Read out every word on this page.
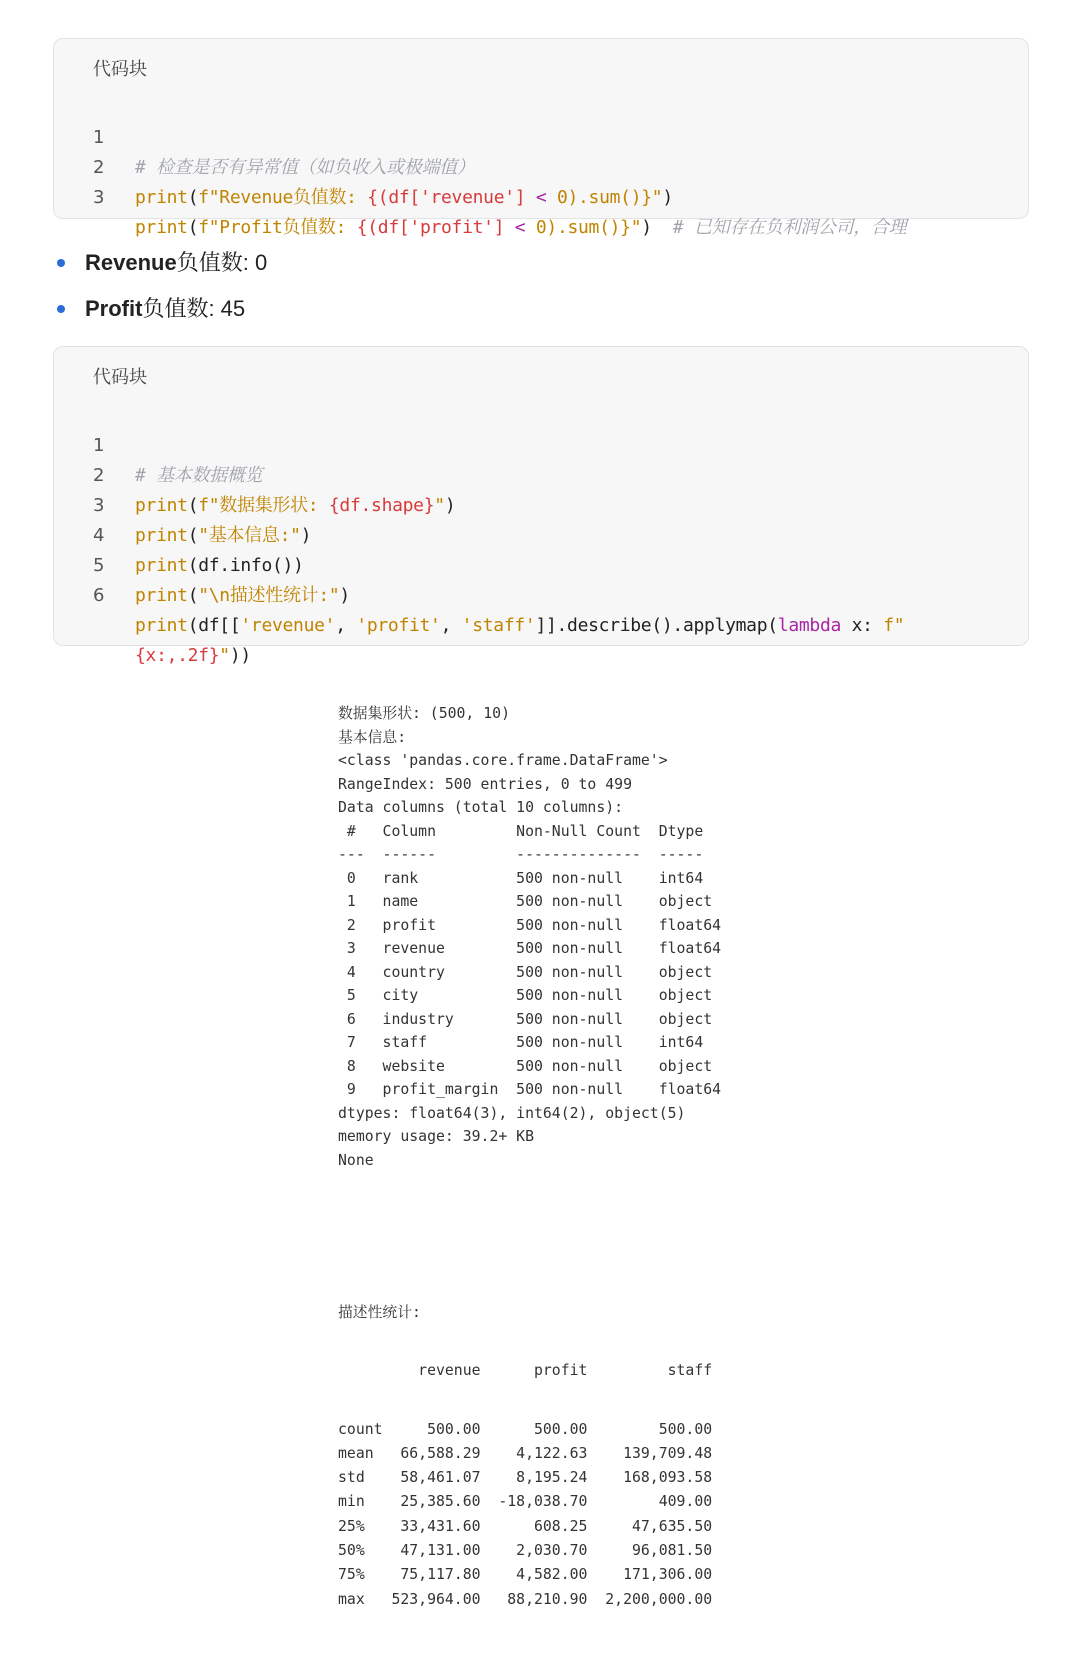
代码块

1

# 检查是否有异常值（如负收入或极端值）

2

print(f"Revenue负值数: {(df['revenue'] < 0).sum()}")

3

print(f"Profit负值数: {(df['profit'] < 0).sum()}")  # 已知存在负利润公司，合理

Revenue负值数: 0
Profit负值数: 45
代码块

1

# 基本数据概览

2

print(f"数据集形状: {df.shape}")

3

print("基本信息:")

4

print(df.info())

5

print("\n描述性统计:")

6

print(df[['revenue', 'profit', 'staff']].describe().applymap(lambda x: f"

{x:,.2f}"))

数据集形状: (500, 10)
基本信息:
<class 'pandas.core.frame.DataFrame'>
RangeIndex: 500 entries, 0 to 499
Data columns (total 10 columns):
#   Column         Non-Null Count  Dtype
---  ------         --------------  -----
0   rank           500 non-null    int64
1   name           500 non-null    object
2   profit         500 non-null    float64
3   revenue        500 non-null    float64
4   country        500 non-null    object
5   city           500 non-null    object
6   industry       500 non-null    object
7   staff          500 non-null    int64
8   website        500 non-null    object
9   profit_margin  500 non-null    float64
dtypes: float64(3), int64(2), object(5)
memory usage: 39.2+ KB
None

描述性统计:

revenue      profit         staff

count     500.00      500.00        500.00
mean   66,588.29    4,122.63    139,709.48
std    58,461.07    8,195.24    168,093.58
min    25,385.60  -18,038.70        409.00
25%    33,431.60      608.25     47,635.50
50%    47,131.00    2,030.70     96,081.50
75%    75,117.80    4,582.00    171,306.00
max   523,964.00   88,210.90  2,200,000.00
